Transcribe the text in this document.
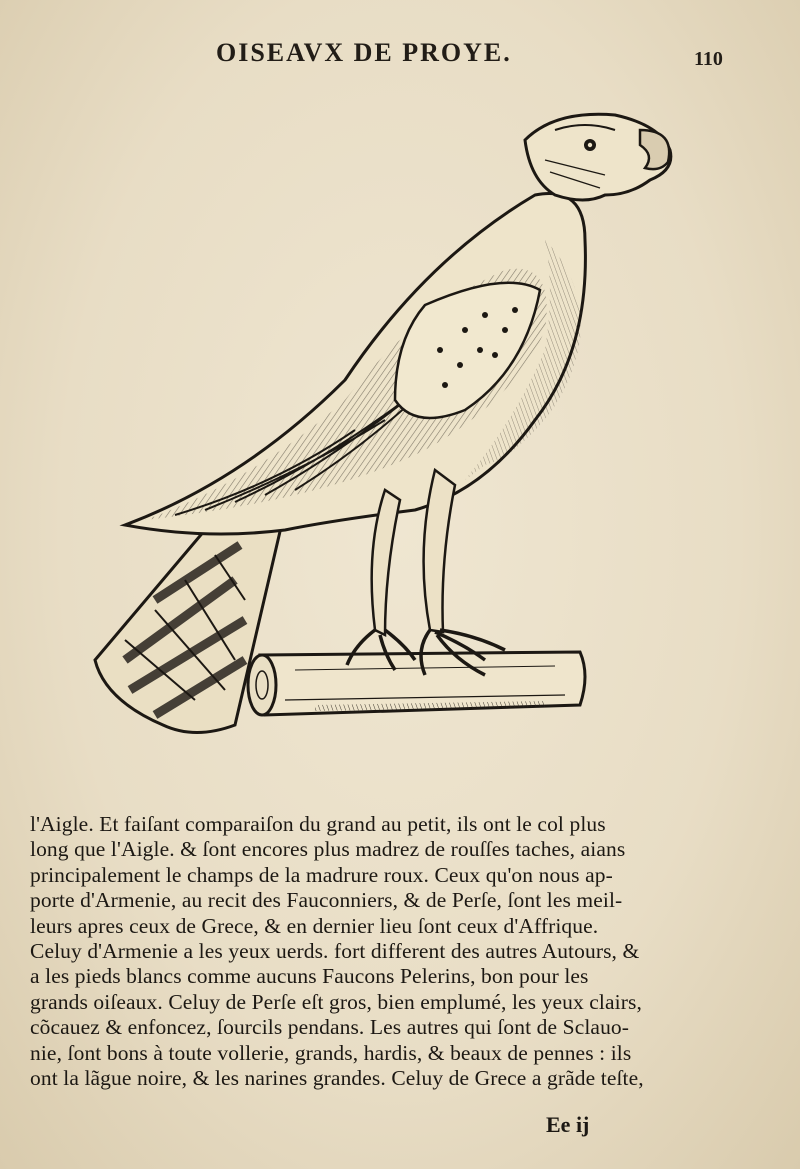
OISEAVX DE PROYE.	110
l'Aigle. Et faiſant comparaiſon du grand au petit, ils ont le col plus
long que l'Aigle. & ſont encores plus madrez de rouſſes taches, aians
principalement le champs de la madrure roux. Ceux qu'on nous ap-
porte d'Armenie, au recit des Fauconniers, & de Perſe, ſont les meil-
leurs apres ceux de Grece, & en dernier lieu ſont ceux d'Affrique.
Celuy d'Armenie a les yeux uerds. fort different des autres Autours, &
a les pieds blancs comme aucuns Faucons Pelerins, bon pour les
grands oiſeaux. Celuy de Perſe eſt gros, bien emplumé, les yeux clairs,
cõcauez & enfoncez, ſourcils pendans. Les autres qui ſont de Sclauo-
nie, ſont bons à toute vollerie, grands, hardis, & beaux de pennes : ils
ont la lãgue noire, & les narines grandes. Celuy de Grece a grãde teſte,
Ee ij
